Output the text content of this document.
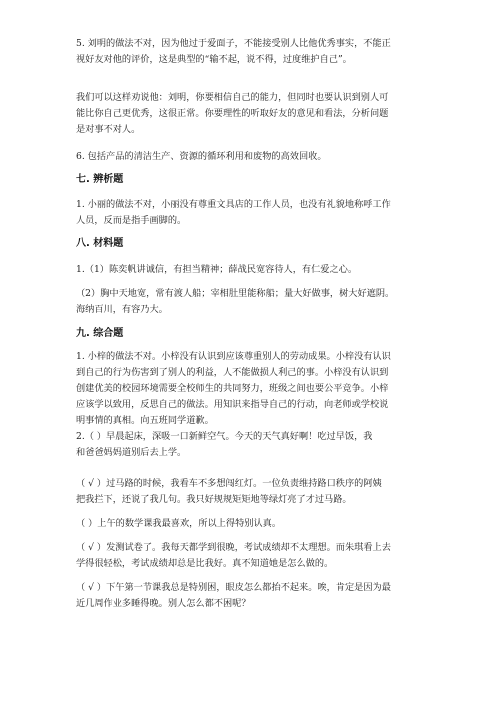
5. 刘明的做法不对，因为他过于爱面子，不能接受别人比他优秀事实，不能正
视好友对他的评价，这是典型的“输不起，说不得，过度维护自己”。
我们可以这样劝说他：刘明，你要相信自己的能力，但同时也要认识到别人可
能比你自己更优秀，这很正常。你要理性的听取好友的意见和看法，分析问题
是对事不对人。
6. 包括产品的清洁生产、资源的循环利用和废物的高效回收。
七. 辨析题
1. 小丽的做法不对，小丽没有尊重文具店的工作人员，也没有礼貌地称呼工作
人员，反而是指手画脚的。
八. 材料题
1.（1）陈奕帆讲诚信，有担当精神；薛战民宽容待人，有仁爱之心。
（2）胸中天地宽，常有渡人船；宰相肚里能称船；量大好做事，树大好遮阴。
海纳百川，有容乃大。
九. 综合题
1. 小梓的做法不对。小梓没有认识到应该尊重别人的劳动成果。小梓没有认识
到自己的行为伤害到了别人的利益，人不能做损人利己的事。小梓没有认识到
创建优美的校园环境需要全校师生的共同努力，班级之间也要公平竞争。小梓
应该学以致用，反思自己的做法。用知识来指导自己的行动，向老师或学校说
明事情的真相。向五班同学道歉。
2.（ ）早晨起床，深吸一口新鲜空气。今天的天气真好啊！吃过早饭，我
和爸爸妈妈道别后去上学。
（ √ ）过马路的时候，我看车不多想闯红灯。一位负责维持路口秩序的阿姨
把我拦下，还说了我几句。我只好规规矩矩地等绿灯亮了才过马路。
（ ）上午的数学课我最喜欢，所以上得特别认真。
（ √ ）发测试卷了。我每天都学到很晚，考试成绩却不太理想。而朱琪看上去
学得很轻松，考试成绩却总是比我好。真不知道她是怎么做的。
（ √ ）下午第一节课我总是特别困，眼皮怎么都抬不起来。唉，肯定是因为最
近几周作业多睡得晚。别人怎么都不困呢？
